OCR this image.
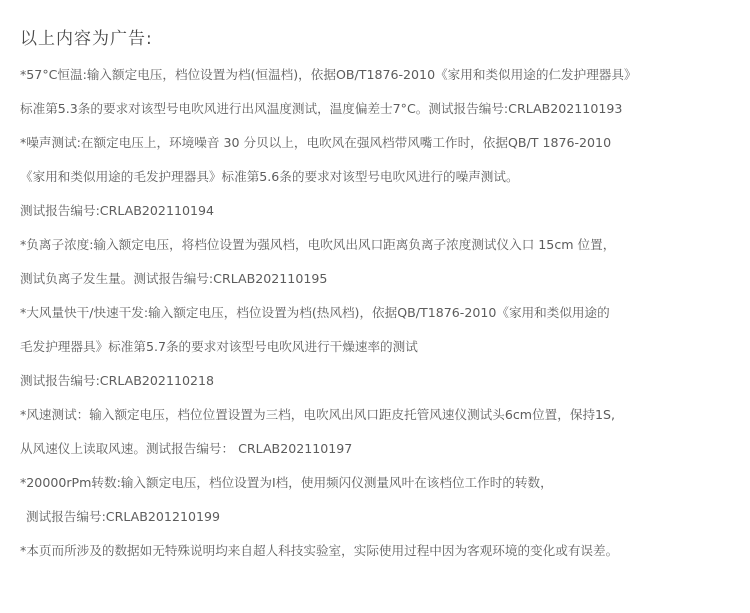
以上内容为广告:
*57°C恒温:输入额定电压，档位设置为档(恒温档)，依据OB/T1876-2010《家用和类似用途的仁发护理器具》
标准第5.3条的要求对该型号电吹风进行出风温度测试，温度偏差士7°C。测试报告编号:CRLAB202110193
*噪声测试:在额定电压上，环境噪音 30 分贝以上，电吹风在强风档带风嘴工作时，依据QB/T 1876-2010
《家用和类似用途的毛发护理器具》标准第5.6条的要求对该型号电吹风进行的噪声测试。
测试报告编号:CRLAB202110194
*负离子浓度:输入额定电压，将档位设置为强风档，电吹风出风口距离负离子浓度测试仪入口 15cm 位置，
测试负离子发生量。测试报告编号:CRLAB202110195
*大风量快干/快速干发:输入额定电压，档位设置为档(热风档)，依据QB/T1876-2010《家用和类似用途的
毛发护理器具》标准第5.7条的要求对该型号电吹风进行干燥速率的测试
测试报告编号:CRLAB202110218
*风速测试：输入额定电压，档位位置设置为三档，电吹风出风口距皮托管风速仪测试头6cm位置，保持1S,
从风速仪上读取风速。测试报告编号： CRLAB202110197
*20000rPm转数:输入额定电压，档位设置为I档，使用频闪仪测量风叶在该档位工作时的转数，
测试报告编号:CRLAB201210199
*本页而所涉及的数据如无特殊说明均来自超人科技实验室，实际使用过程中因为客观环境的变化或有误差。
